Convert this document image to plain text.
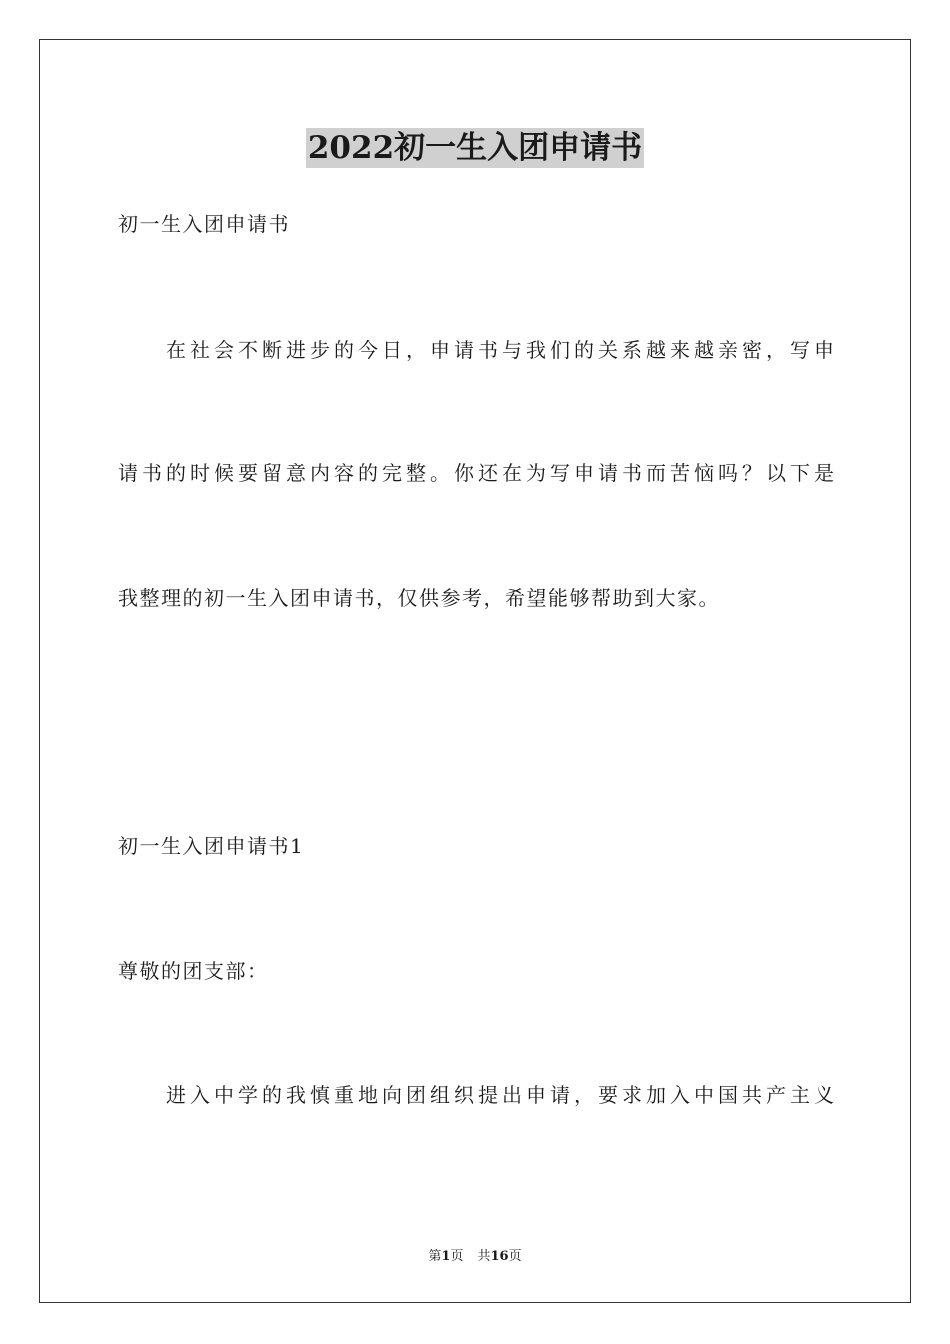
2022初一生入团申请书
初一生入团申请书
在社会不断进步的今日，申请书与我们的关系越来越亲密，写申
请书的时候要留意内容的完整。你还在为写申请书而苦恼吗？以下是
我整理的初一生入团申请书，仅供参考，希望能够帮助到大家。
初一生入团申请书1
尊敬的团支部：
进入中学的我慎重地向团组织提出申请，要求加入中国共产主义
第1页 共16页
